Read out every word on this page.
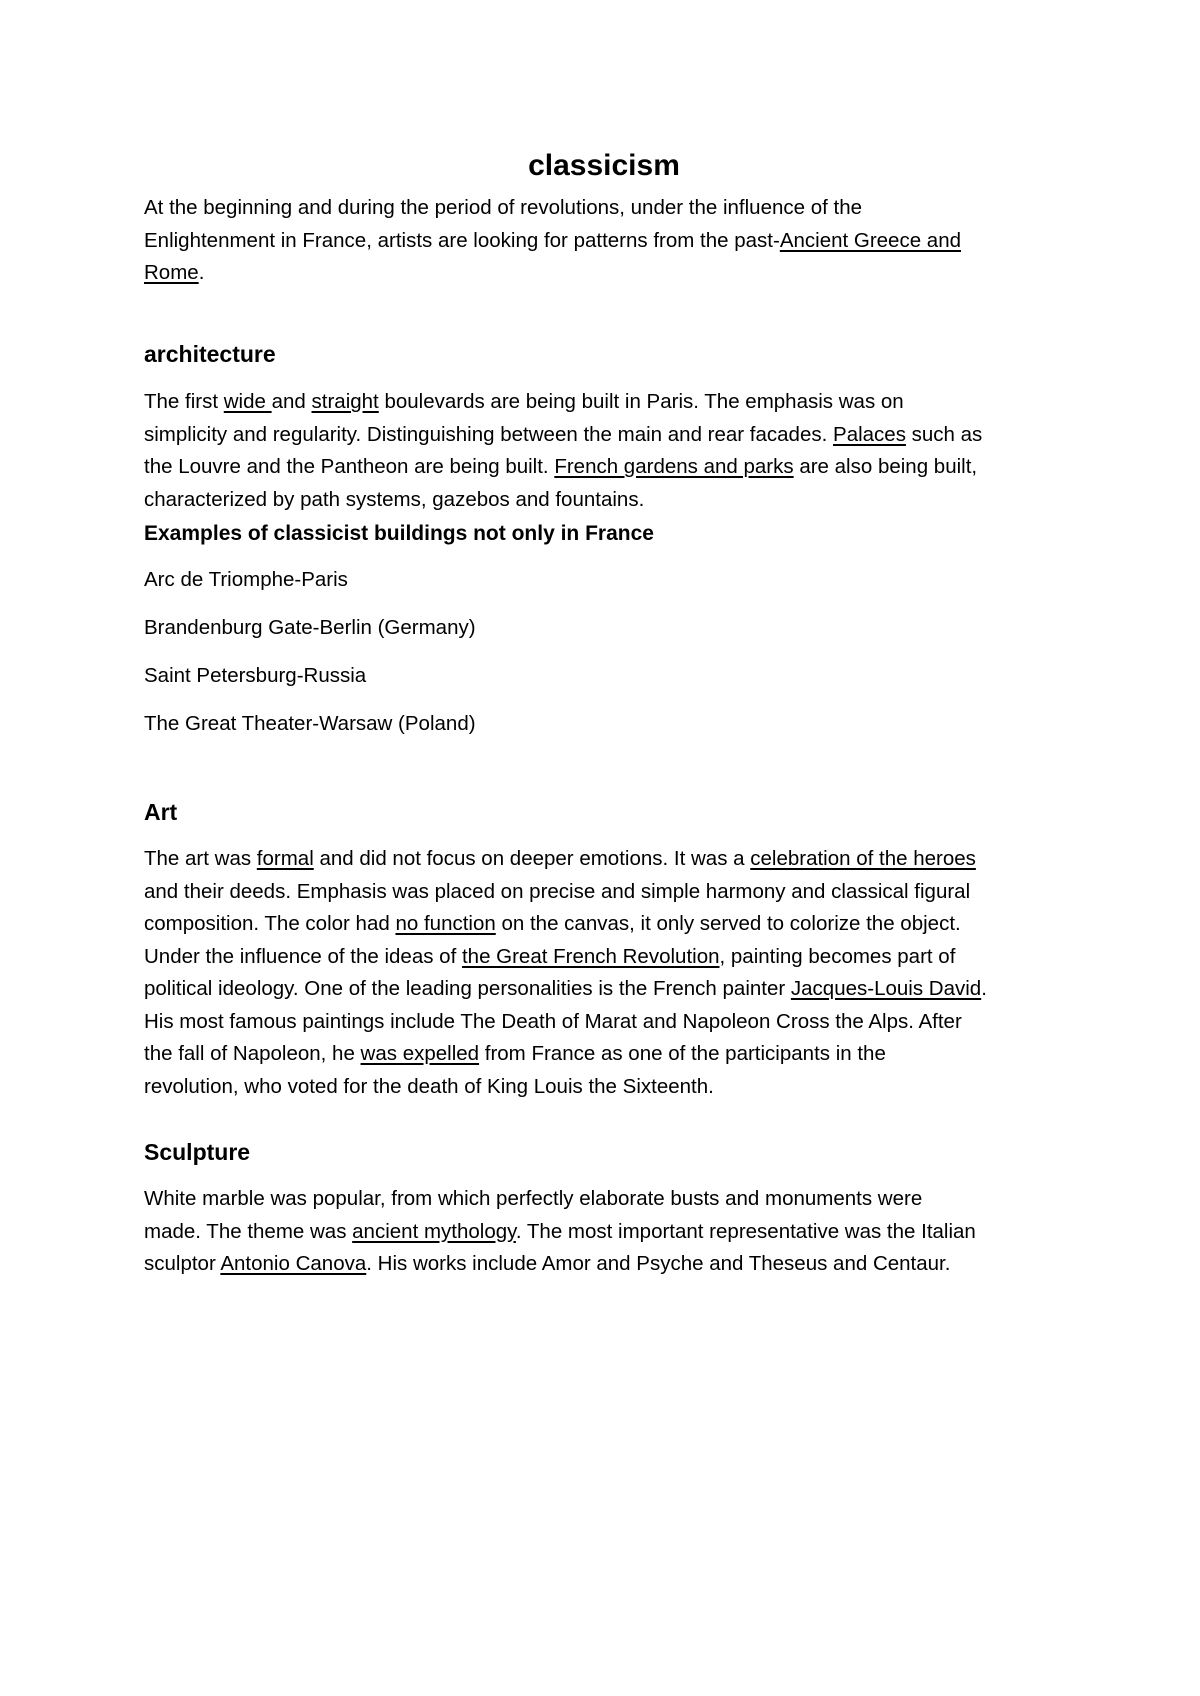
classicism
At the beginning and during the period of revolutions, under the influence of the
Enlightenment in France, artists are looking for patterns from the past-Ancient Greece and
Rome.
architecture
The first wide and straight boulevards are being built in Paris. The emphasis was on
simplicity and regularity. Distinguishing between the main and rear facades. Palaces such as
the Louvre and the Pantheon are being built. French gardens and parks are also being built,
characterized by path systems, gazebos and fountains.
Examples of classicist buildings not only in France

Arc de Triomphe-Paris

Brandenburg Gate-Berlin (Germany)

Saint Petersburg-Russia

The Great Theater-Warsaw (Poland)

Art
The art was formal and did not focus on deeper emotions. It was a celebration of the heroes
and their deeds. Emphasis was placed on precise and simple harmony and classical figural
composition. The color had no function on the canvas, it only served to colorize the object.
Under the influence of the ideas of the Great French Revolution, painting becomes part of
political ideology. One of the leading personalities is the French painter Jacques-Louis David.
His most famous paintings include The Death of Marat and Napoleon Cross the Alps. After
the fall of Napoleon, he was expelled from France as one of the participants in the
revolution, who voted for the death of King Louis the Sixteenth.
Sculpture
White marble was popular, from which perfectly elaborate busts and monuments were
made. The theme was ancient mythology. The most important representative was the Italian
sculptor Antonio Canova. His works include Amor and Psyche and Theseus and Centaur.
